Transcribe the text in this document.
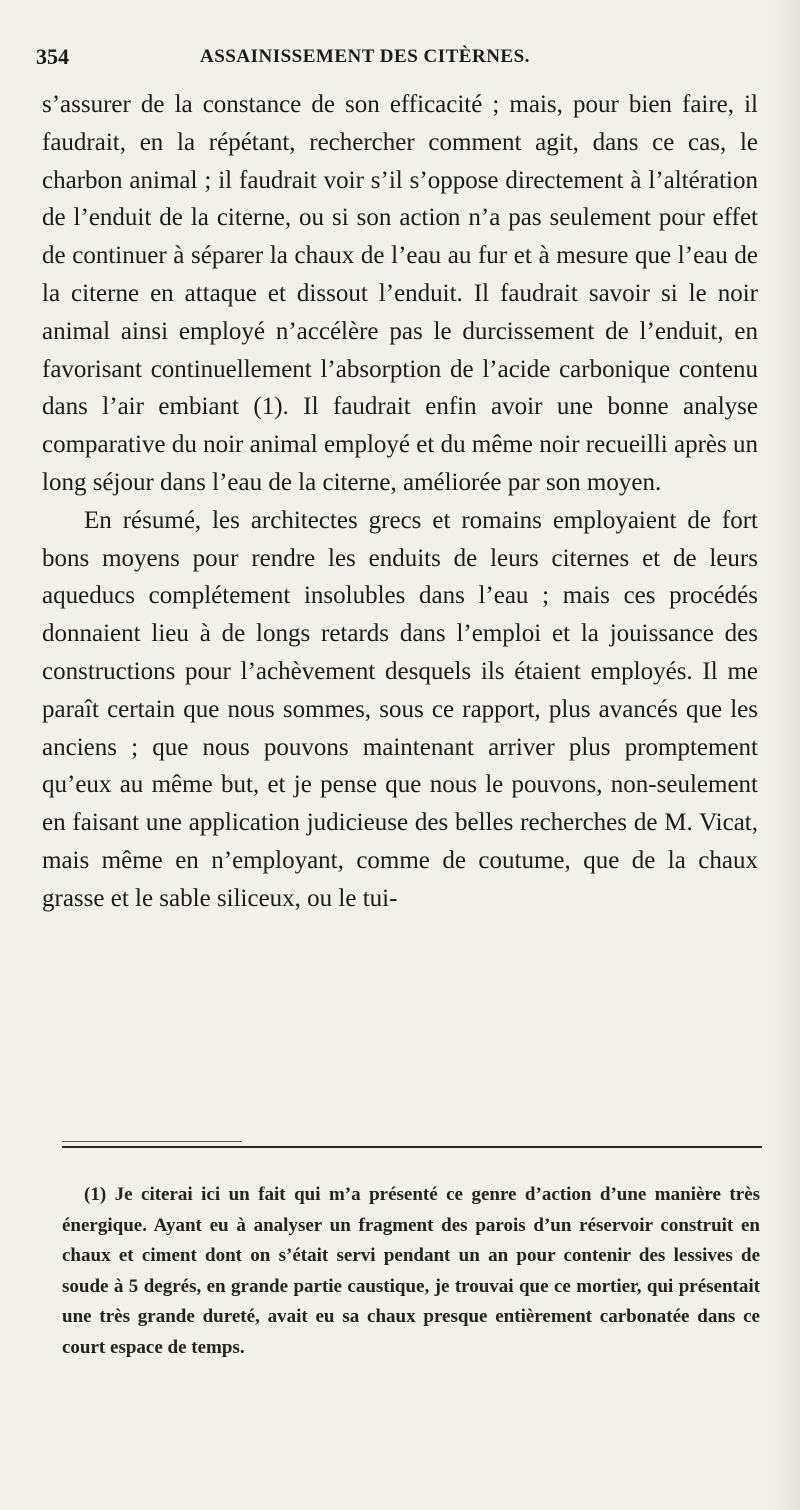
354	ASSAINISSEMENT DES CITÈRNES.

s’assurer de la constance de son efficacité ; mais, pour bien faire, il faudrait, en la répétant, rechercher comment agit, dans ce cas, le charbon animal ; il faudrait voir s’il s’oppose directement à l’altération de l’enduit de la citerne, ou si son action n’a pas seulement pour effet de continuer à séparer la chaux de l’eau au fur et à mesure que l’eau de la citerne en attaque et dissout l’enduit. Il faudrait savoir si le noir animal ainsi employé n’accélère pas le durcissement de l’enduit, en favorisant continuellement l’absorption de l’acide carbonique contenu dans l’air embiant (1). Il faudrait enfin avoir une bonne analyse comparative du noir animal employé et du même noir recueilli après un long séjour dans l’eau de la citerne, améliorée par son moyen.

En résumé, les architectes grecs et romains employaient de fort bons moyens pour rendre les enduits de leurs citernes et de leurs aqueducs complétement insolubles dans l’eau ; mais ces procédés donnaient lieu à de longs retards dans l’emploi et la jouissance des constructions pour l’achèvement desquels ils étaient employés. Il me paraît certain que nous sommes, sous ce rapport, plus avancés que les anciens ; que nous pouvons maintenant arriver plus promptement qu’eux au même but, et je pense que nous le pouvons, non-seulement en faisant une application judicieuse des belles recherches de M. Vicat, mais même en n’employant, comme de coutume, que de la chaux grasse et le sable siliceux, ou le tui-

(1) Je citerai ici un fait qui m’a présenté ce genre d’action d’une manière très énergique. Ayant eu à analyser un fragment des parois d’un réservoir construit en chaux et ciment dont on s’était servi pendant un an pour contenir des lessives de soude à 5 degrés, en grande partie caustique, je trouvai que ce mortier, qui présentait une très grande dureté, avait eu sa chaux presque entièrement carbonatée dans ce court espace de temps.
